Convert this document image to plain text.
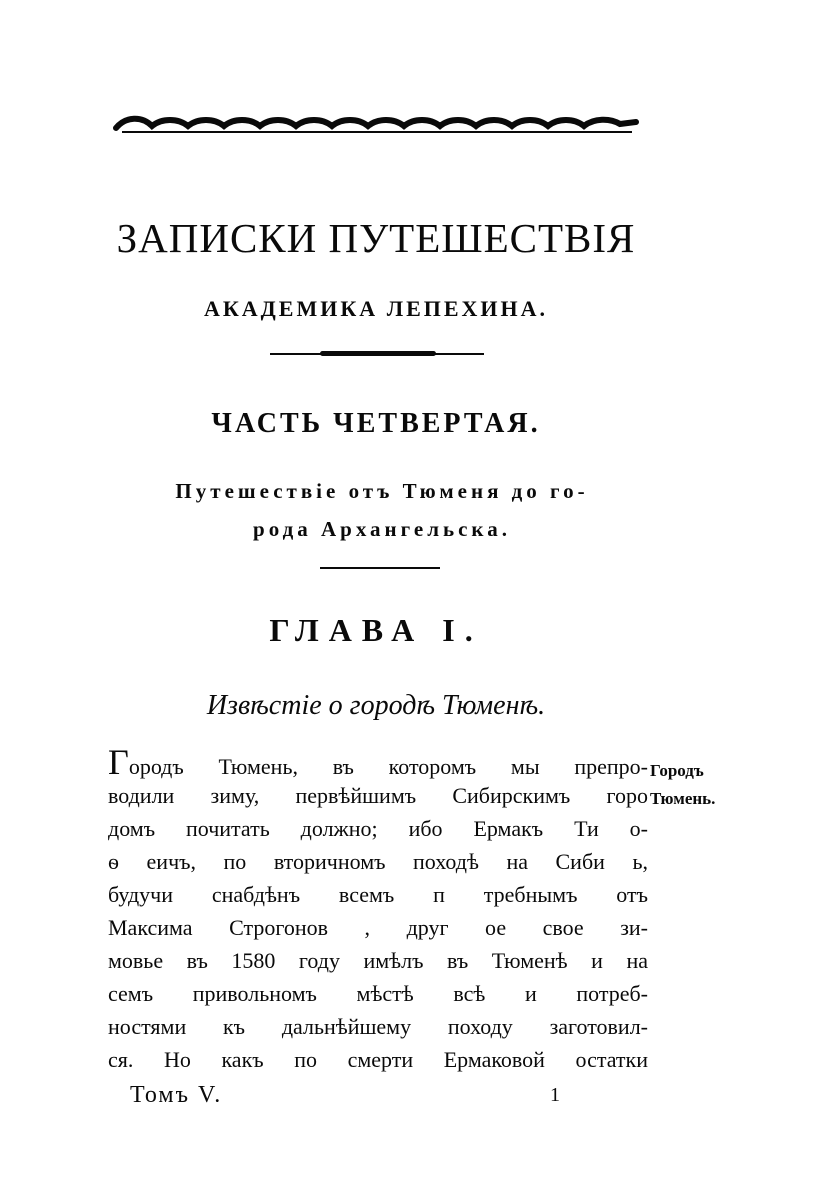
ЗАПИСКИ ПУТЕШЕСТВІЯ
АКАДЕМИКА ЛЕПЕХИНА.
ЧАСТЬ ЧЕТВЕРТАЯ.
Путешествіе отъ Тюменя до го-
рода Архангельска.
ГЛАВА I.
Извѣстіе о городѣ Тюменѣ.
Городъ Тюмень, въ которомъ мы препро-
водили зиму, первѣйшимъ Сибирскимъ горо
домъ почитать должно; ибо Ермакъ Ти о-
ѳ еичъ, по вторичномъ походѣ на Сиби ь,
будучи снабдѣнъ всемъ п требнымъ отъ
Максима Строгонов , друг ое свое зи-
мовье въ 1580 году имѣлъ въ Тюменѣ и на
семъ привольномъ мѣстѣ всѣ и потреб-
ностями къ дальнѣйшему походу заготовил-
ся. Но какъ по смерти Ермаковой остатки
Городъ
Тюмень.
Томъ V.	1
